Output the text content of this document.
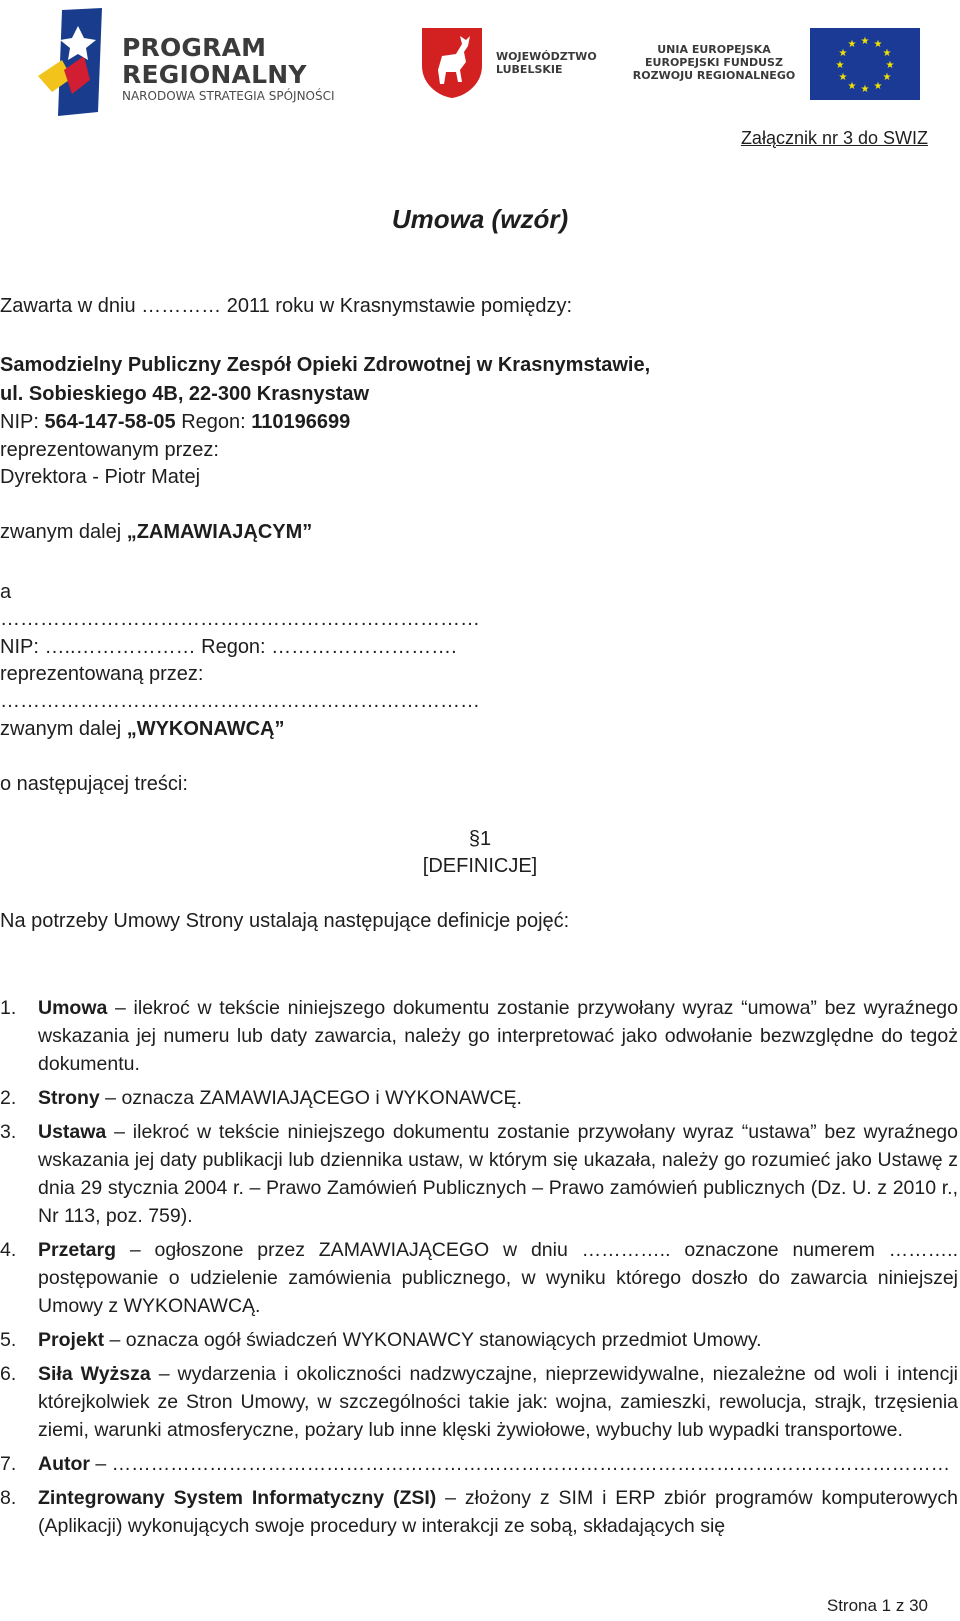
PROGRAM
REGIONALNY
NARODOWA STRATEGIA SPÓJNOŚCI
WOJEWÓDZTWO
LUBELSKIE
UNIA EUROPEJSKA
EUROPEJSKI FUNDUSZ
ROZWOJU REGIONALNEGO
★ ★
★
★
★
★
★
★
★
★
★
★
Załącznik nr 3 do SWIZ
Umowa (wzór)
Zawarta w dniu ………… 2011 roku w Krasnymstawie pomiędzy:
Samodzielny Publiczny Zespół Opieki Zdrowotnej w Krasnymstawie,
ul. Sobieskiego 4B, 22-300 Krasnystaw
NIP: 564-147-58-05 Regon: 110196699
reprezentowanym przez:
Dyrektora - Piotr Matej
zwanym dalej „ZAMAWIAJĄCYM”
a
………………………………………………………………
NIP: …..……………… Regon: ……………………….
reprezentowaną przez:
………………………………………………………………
zwanym dalej „WYKONAWCĄ”
o następującej treści:
§1
[DEFINICJE]
Na potrzeby Umowy Strony ustalają następujące definicje pojęć:
1. Umowa – ilekroć w tekście niniejszego dokumentu zostanie przywołany wyraz “umowa” bez wyraźnego wskazania jej numeru lub daty zawarcia, należy go interpretować jako odwołanie bezwzględne do tegoż dokumentu.
2. Strony – oznacza ZAMAWIAJĄCEGO i WYKONAWCĘ.
3. Ustawa – ilekroć w tekście niniejszego dokumentu zostanie przywołany wyraz “ustawa” bez wyraźnego wskazania jej daty publikacji lub dziennika ustaw, w którym się ukazała, należy go rozumieć jako Ustawę z dnia 29 stycznia 2004 r. – Prawo Zamówień Publicznych – Prawo zamówień publicznych (Dz. U. z 2010 r., Nr 113, poz. 759).
4. Przetarg – ogłoszone przez ZAMAWIAJĄCEGO w dniu ………….. oznaczone numerem ……….. postępowanie o udzielenie zamówienia publicznego, w wyniku którego doszło do zawarcia niniejszej Umowy z WYKONAWCĄ.
5. Projekt – oznacza ogół świadczeń WYKONAWCY stanowiących przedmiot Umowy.
6. Siła Wyższa – wydarzenia i okoliczności nadzwyczajne, nieprzewidywalne, niezależne od woli i intencji którejkolwiek ze Stron Umowy, w szczególności takie jak: wojna, zamieszki, rewolucja, strajk, trzęsienia ziemi, warunki atmosferyczne, pożary lub inne klęski żywiołowe, wybuchy lub wypadki transportowe.
7. Autor – …………………………………………………………………………………………………………………
8. Zintegrowany System Informatyczny (ZSI) – złożony z SIM i ERP zbiór programów komputerowych (Aplikacji) wykonujących swoje procedury w interakcji ze sobą, składających się
Strona 1 z 30
